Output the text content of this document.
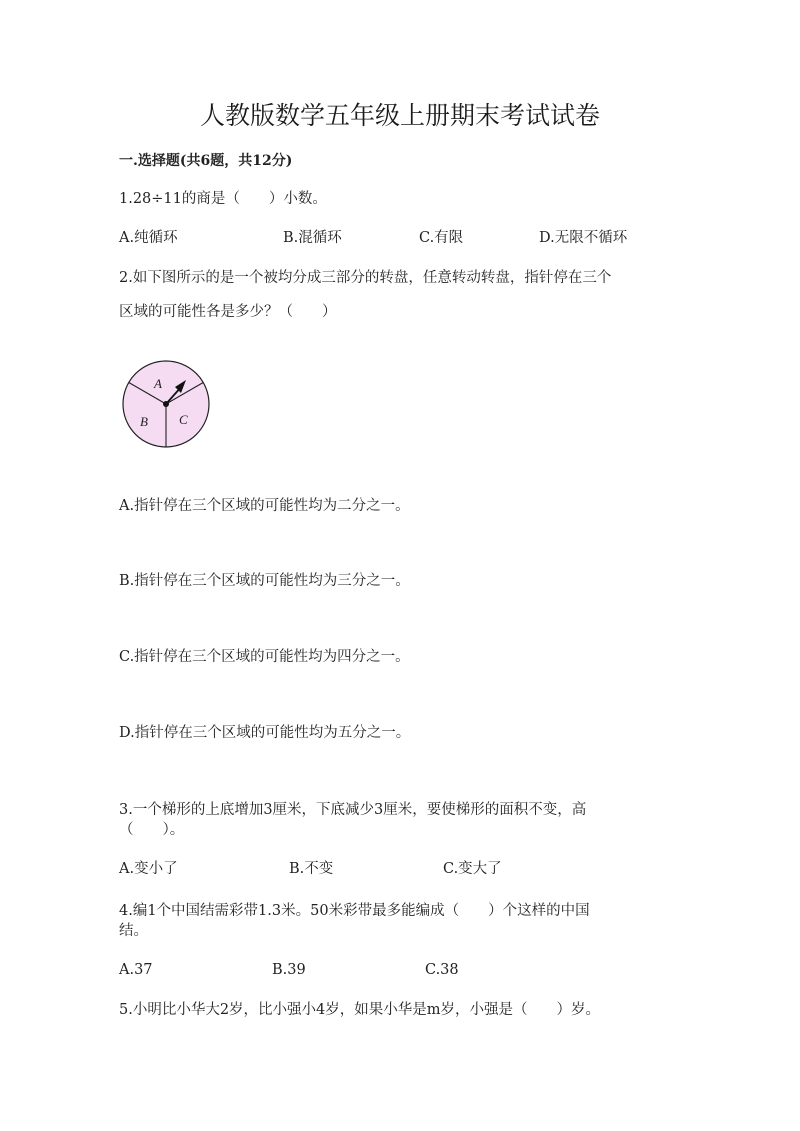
人教版数学五年级上册期末考试试卷
一.选择题(共6题，共12分)
1.28÷11的商是（　　）小数。
A.纯循环	B.混循环	C.有限	D.无限不循环
2.如下图所示的是一个被均分成三部分的转盘，任意转动转盘，指针停在三个
区域的可能性各是多少？（　　）
A
B C
A.指针停在三个区域的可能性均为二分之一。
B.指针停在三个区域的可能性均为三分之一。
C.指针停在三个区域的可能性均为四分之一。
D.指针停在三个区域的可能性均为五分之一。
3.一个梯形的上底增加3厘米，下底减少3厘米，要使梯形的面积不变，高
（　　）。
A.变小了	B.不变	C.变大了
4.编1个中国结需彩带1.3米。50米彩带最多能编成（　　）个这样的中国
结。
A.37	B.39	C.38
5.小明比小华大2岁，比小强小4岁，如果小华是m岁，小强是（　　）岁。
